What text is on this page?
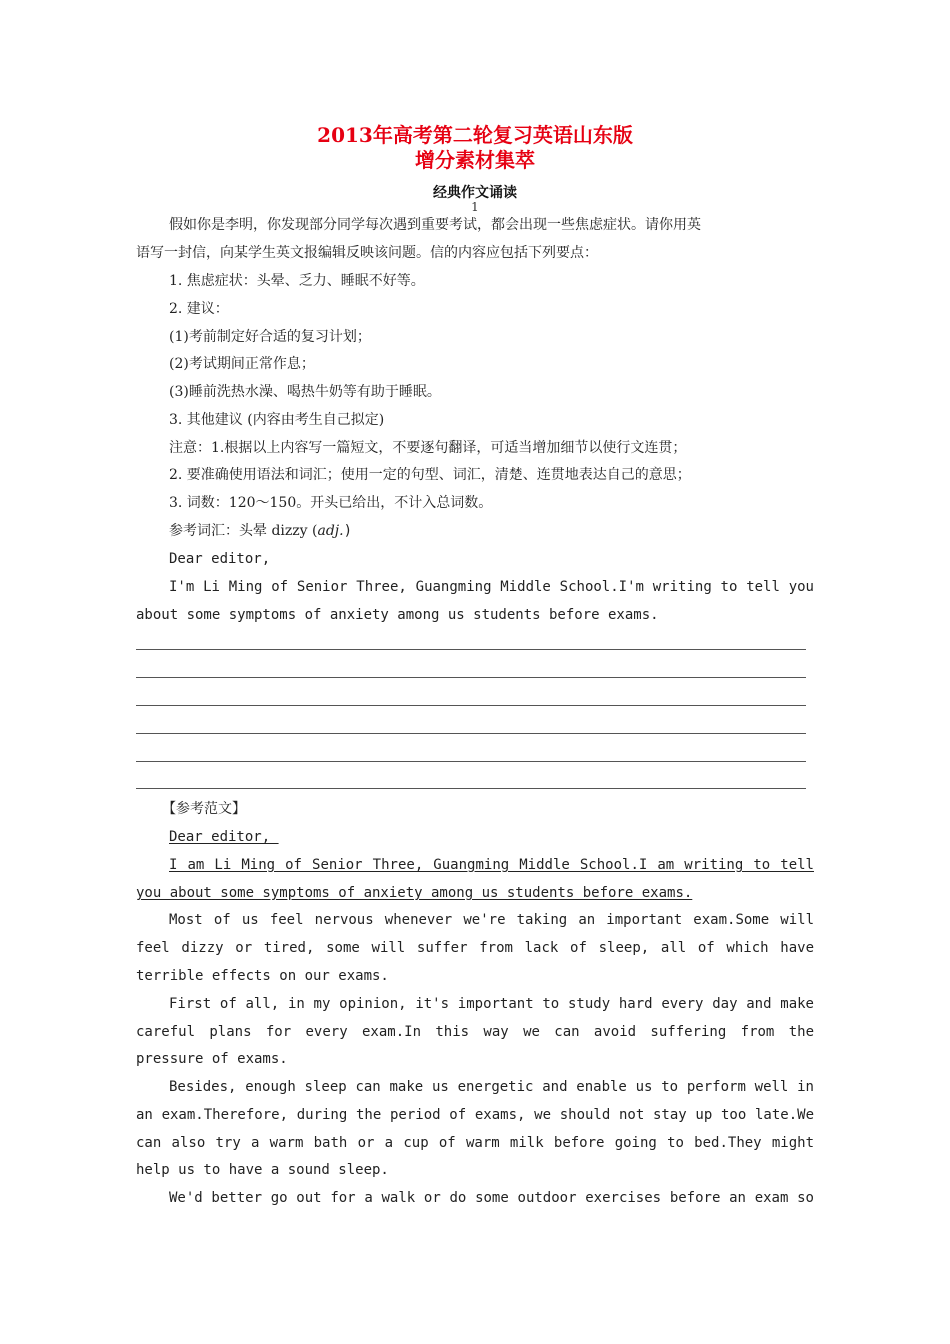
2013年高考第二轮复习英语山东版
增分素材集萃
经典作文诵读
1
假如你是李明，你发现部分同学每次遇到重要考试，都会出现一些焦虑症状。请你用英
语写一封信，向某学生英文报编辑反映该问题。信的内容应包括下列要点：
1. 焦虑症状：头晕、乏力、睡眠不好等。
2. 建议：
(1)考前制定好合适的复习计划；
(2)考试期间正常作息；
(3)睡前洗热水澡、喝热牛奶等有助于睡眠。
3. 其他建议 (内容由考生自己拟定)
注意：1.根据以上内容写一篇短文，不要逐句翻译，可适当增加细节以使行文连贯；
2. 要准确使用语法和词汇；使用一定的句型、词汇，清楚、连贯地表达自己的意思；
3. 词数：120～150。开头已给出，不计入总词数。
参考词汇：头晕 dizzy (adj.)
Dear editor,
I'm Li Ming of Senior Three, Guangming Middle School.I'm writing to tell you
about some symptoms of anxiety among us students before exams.
【参考范文】
Dear editor,
I am Li Ming of Senior Three, Guangming Middle School.I am writing to tell
you about some symptoms of anxiety among us students before exams.
Most of us feel nervous whenever we're taking an important exam.Some will
feel dizzy or tired, some will suffer from lack of sleep, all of which have
terrible effects on our exams.
First of all, in my opinion, it's important to study hard every day and make
careful plans for every exam.In this way we can avoid suffering from the
pressure of exams.
Besides, enough sleep can make us energetic and enable us to perform well in
an exam.Therefore, during the period of exams, we should not stay up too late.We
can also try a warm bath or a cup of warm milk before going to bed.They might
help us to have a sound sleep.
We'd better go out for a walk or do some outdoor exercises before an exam so
